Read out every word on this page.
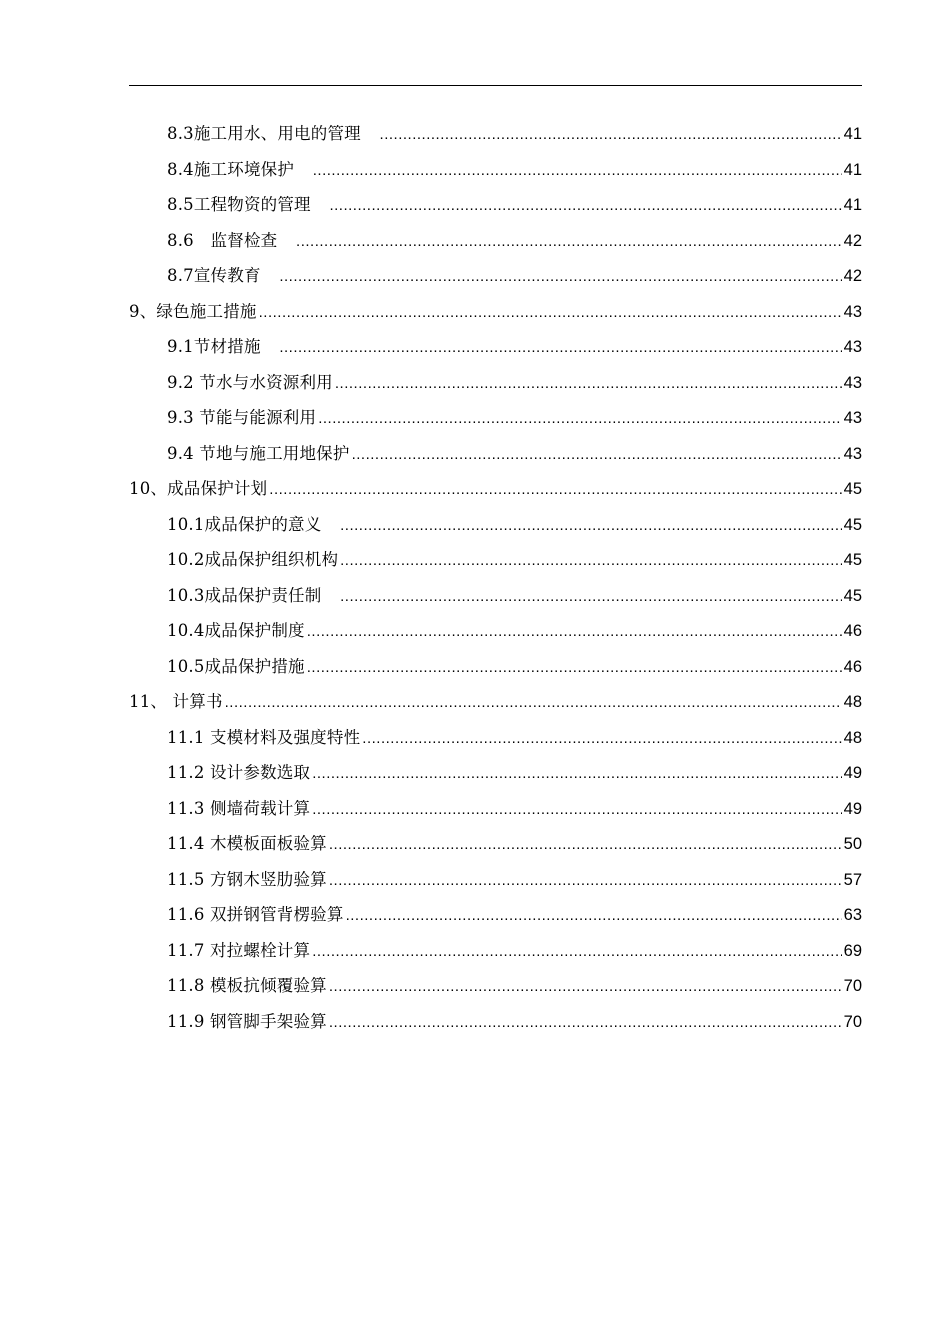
8.3施工用水、用电的管理　 .....	41
8.4施工环境保护　 .....	41
8.5工程物资的管理　 .....	41
8.6　监督检查　 .....	42
8.7宣传教育　 .....	42
9、绿色施工措施 .....	43
9.1节材措施　 .....	43
9.2 节水与水资源利用 .....	43
9.3 节能与能源利用 .....	43
9.4 节地与施工用地保护 .....	43
10、成品保护计划 .....	45
10.1成品保护的意义　 .....	45
10.2成品保护组织机构 .....	45
10.3成品保护责任制　 .....	45
10.4成品保护制度 .....	46
10.5成品保护措施 .....	46
11、 计算书 .....	48
11.1 支模材料及强度特性 .....	48
11.2 设计参数选取 .....	49
11.3 侧墙荷载计算 .....	49
11.4 木模板面板验算 .....	50
11.5 方钢木竖肋验算 .....	57
11.6 双拼钢管背楞验算 .....	63
11.7 对拉螺栓计算 .....	69
11.8 模板抗倾覆验算 .....	70
11.9 钢管脚手架验算 .....	70
